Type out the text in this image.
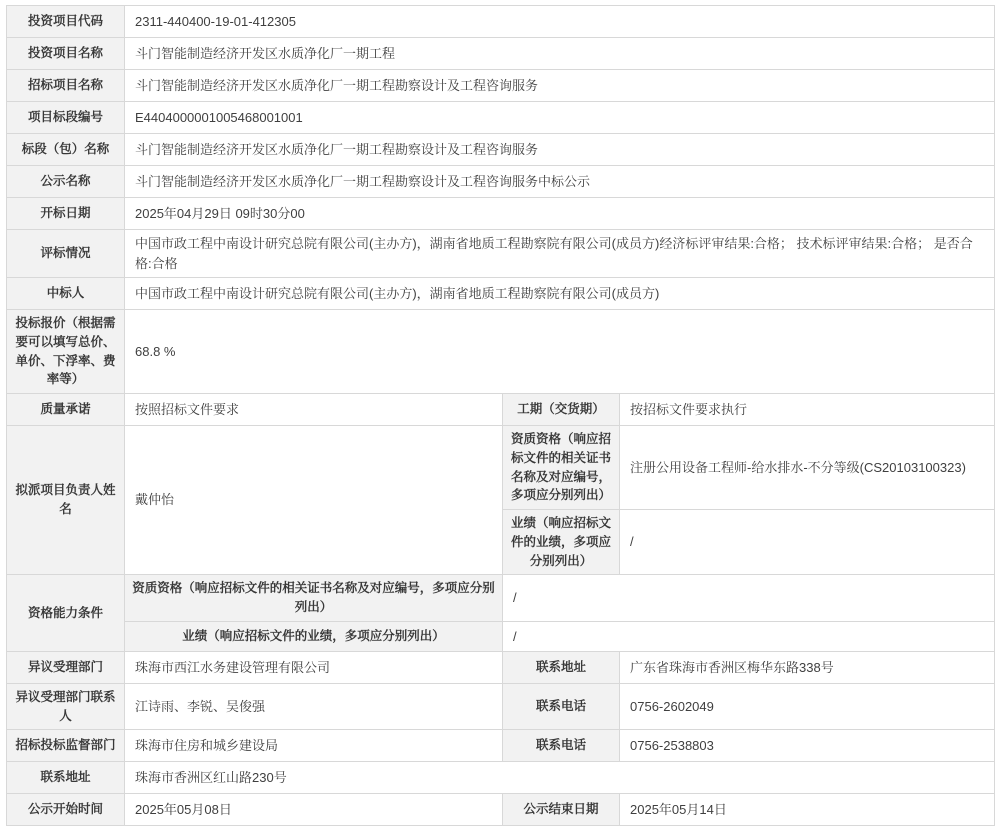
投资项目代码	2311-440400-19-01-412305		
投资项目名称	斗门智能制造经济开发区水质净化厂一期工程		
招标项目名称	斗门智能制造经济开发区水质净化厂一期工程勘察设计及工程咨询服务		
项目标段编号	E4404000001005468001001		
标段（包）名称	斗门智能制造经济开发区水质净化厂一期工程勘察设计及工程咨询服务		
公示名称	斗门智能制造经济开发区水质净化厂一期工程勘察设计及工程咨询服务中标公示		
开标日期	2025年04月29日 09时30分00		
评标情况	中国市政工程中南设计研究总院有限公司(主办方)，湖南省地质工程勘察院有限公司(成员方)经济标评审结果:合格； 技术标评审结果:合格； 是否合格:合格		
中标人	中国市政工程中南设计研究总院有限公司(主办方)，湖南省地质工程勘察院有限公司(成员方)		
投标报价（根据需要可以填写总价、单价、下浮率、费率等）	68.8 %		
质量承诺	按照招标文件要求	工期（交货期）	按招标文件要求执行
拟派项目负责人姓名	戴仲怡	资质资格（响应招标文件的相关证书名称及对应编号，多项应分别列出）	注册公用设备工程师-给水排水-不分等级(CS20103100323)
		业绩（响应招标文件的业绩，多项应分别列出）	/
资格能力条件	资质资格（响应招标文件的相关证书名称及对应编号，多项应分别列出）	/	
	业绩（响应招标文件的业绩，多项应分别列出）	/	
异议受理部门	珠海市西江水务建设管理有限公司	联系地址	广东省珠海市香洲区梅华东路338号
异议受理部门联系人	江诗雨、李锐、吴俊强	联系电话	0756-2602049
招标投标监督部门	珠海市住房和城乡建设局	联系电话	0756-2538803
联系地址	珠海市香洲区红山路230号		
公示开始时间	2025年05月08日	公示结束日期	2025年05月14日
